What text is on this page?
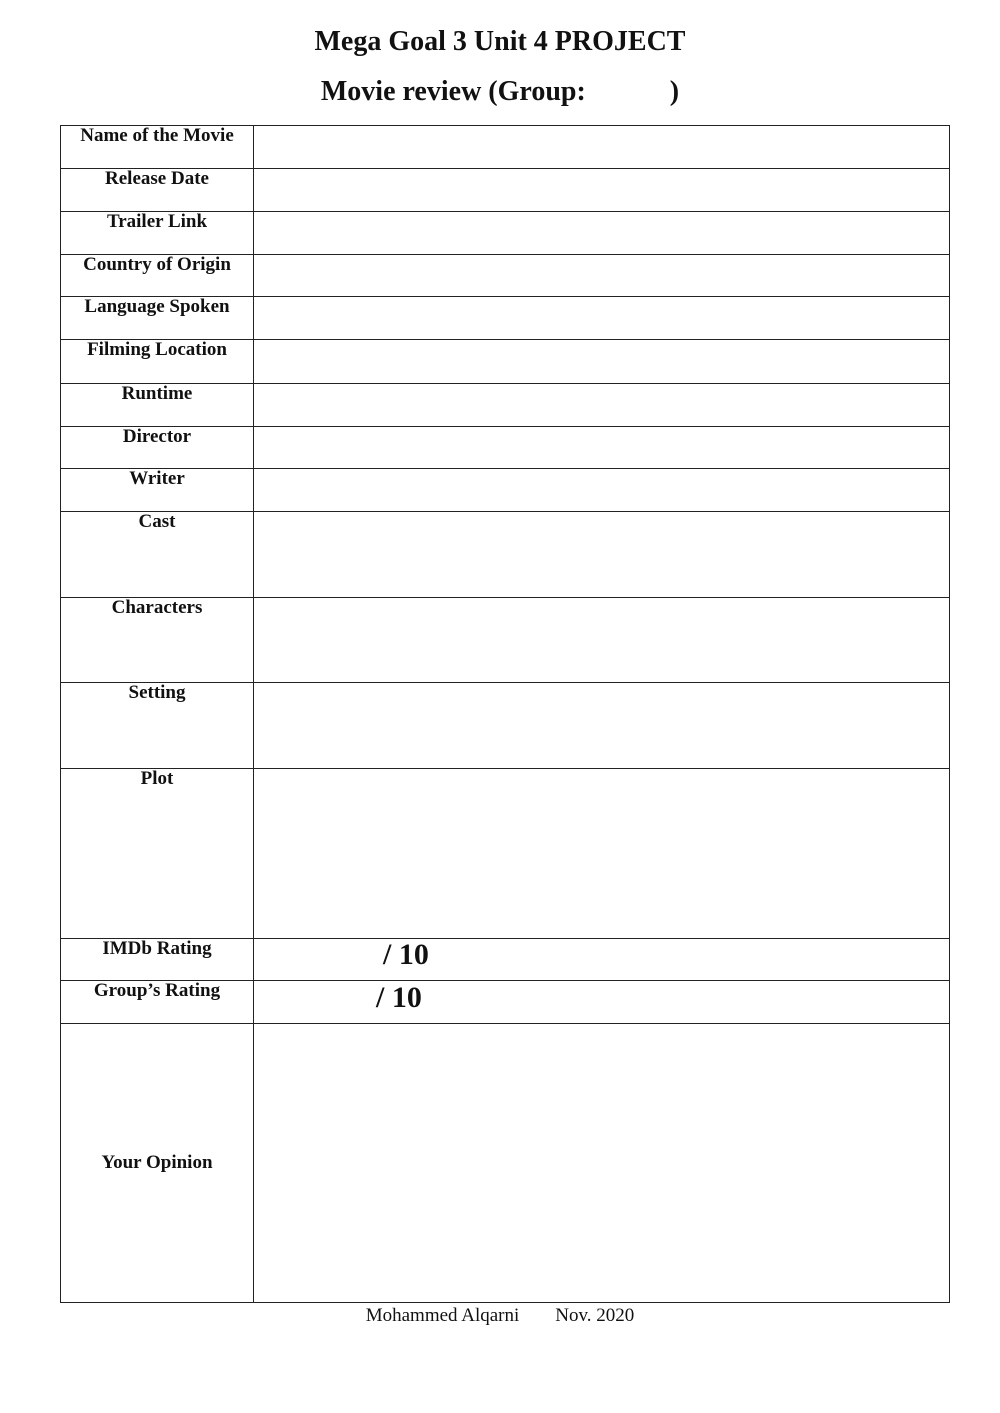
Mega Goal 3 Unit 4 PROJECT
Movie review (Group:            )
Name of the Movie	
Release Date	
Trailer Link	
Country of Origin	
Language Spoken	
Filming Location	
Runtime	
Director	
Writer	
Cast	
Characters	
Setting	
Plot	
IMDb Rating	/ 10

Group’s Rating	/ 10

Your Opinion	
Mohammed Alqarni Nov. 2020
